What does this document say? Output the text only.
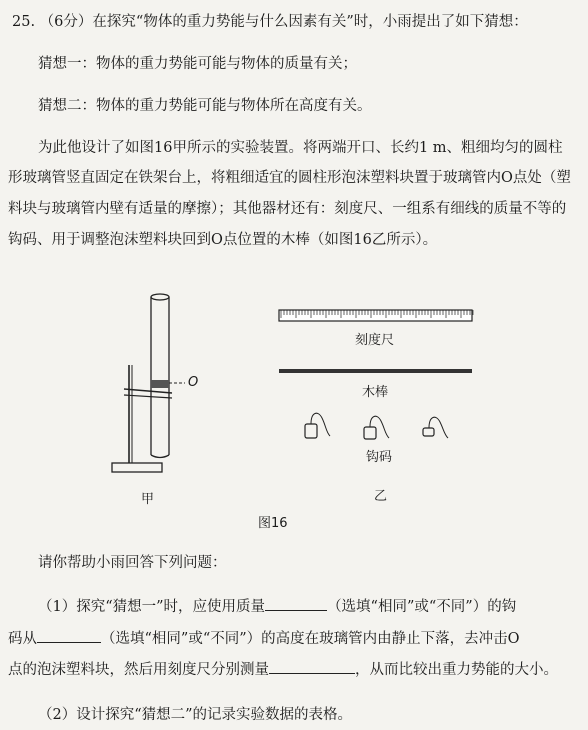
25. （6分）在探究“物体的重力势能与什么因素有关”时，小雨提出了如下猜想：
猜想一：物体的重力势能可能与物体的质量有关；
猜想二：物体的重力势能可能与物体所在高度有关。
为此他设计了如图16甲所示的实验装置。将两端开口、长约1 m、粗细均匀的圆柱
形玻璃管竖直固定在铁架台上，将粗细适宜的圆柱形泡沫塑料块置于玻璃管内O点处（塑
料块与玻璃管内壁有适量的摩擦）；其他器材还有：刻度尺、一组系有细线的质量不等的
钩码、用于调整泡沫塑料块回到O点位置的木棒（如图16乙所示）。
O
刻度尺
木棒
钩码
甲	乙
图16
请你帮助小雨回答下列问题：
（1）探究“猜想一”时，应使用质量	（选填“相同”或“不同”）的钩
码从	（选填“相同”或“不同”）的高度在玻璃管内由静止下落，去冲击O
点的泡沫塑料块，然后用刻度尺分别测量	，从而比较出重力势能的大小。
（2）设计探究“猜想二”的记录实验数据的表格。
